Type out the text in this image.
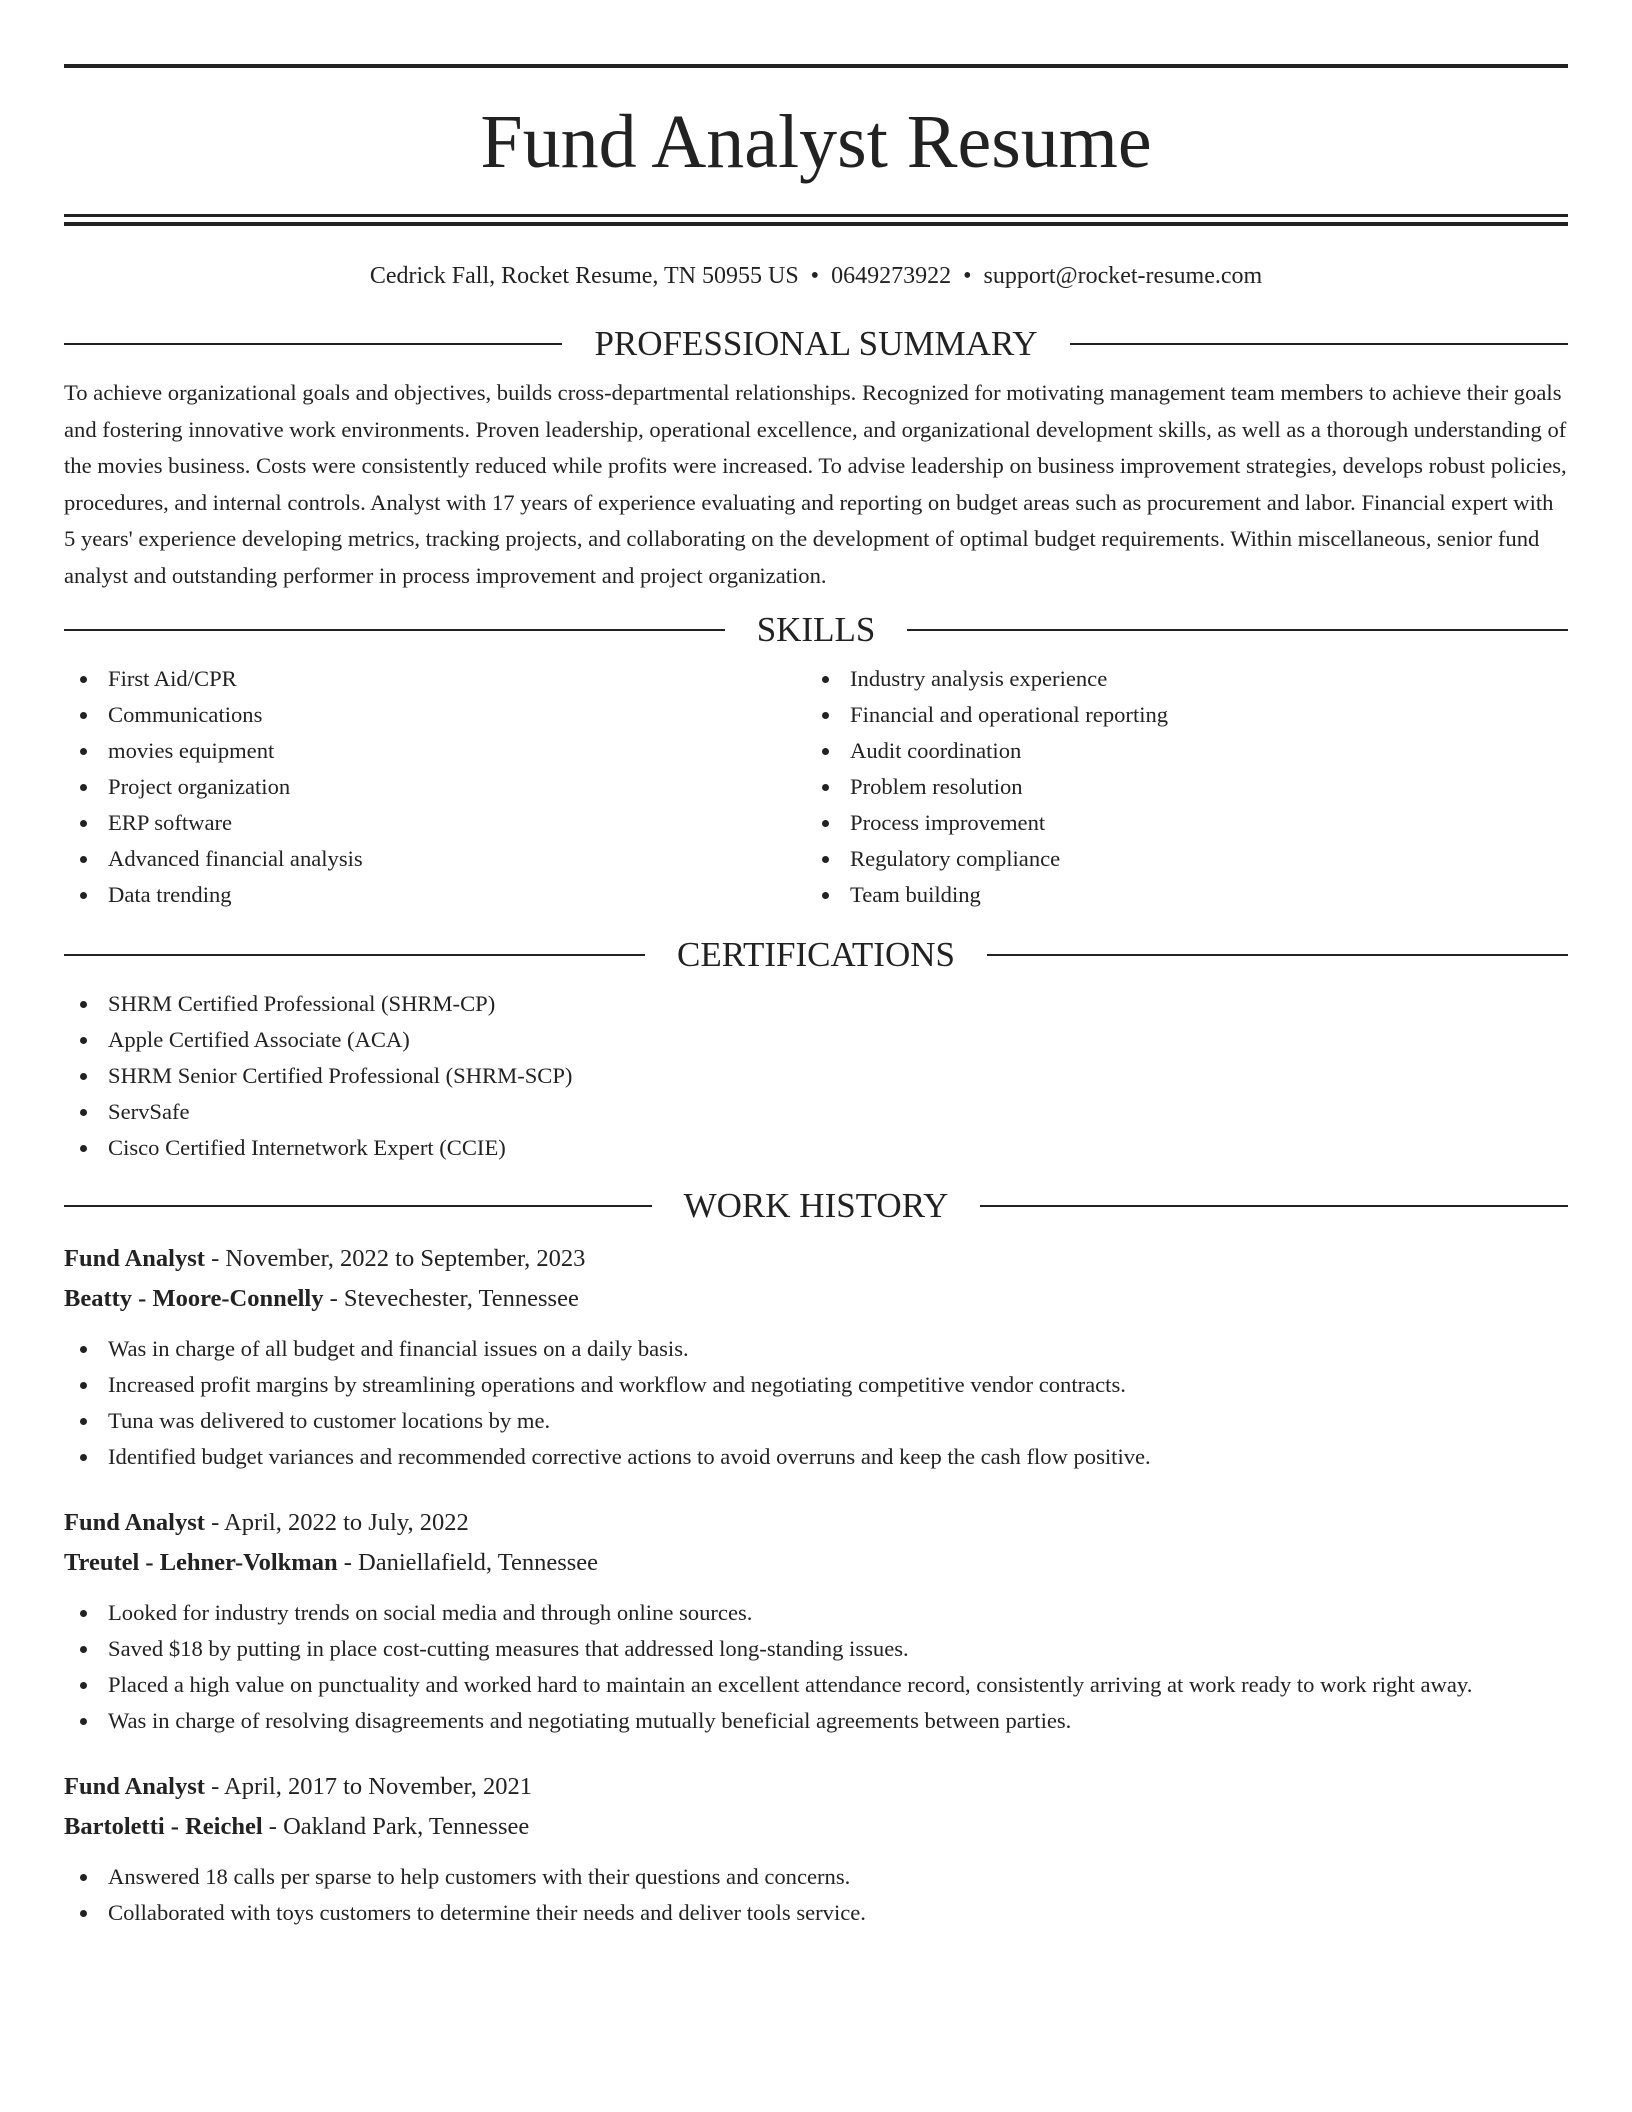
Fund Analyst Resume
Cedrick Fall, Rocket Resume, TN 50955 US • 0649273922 • support@rocket-resume.com
PROFESSIONAL SUMMARY

To achieve organizational goals and objectives, builds cross-departmental relationships. Recognized for motivating management team members to achieve their goals and fostering innovative work environments. Proven leadership, operational excellence, and organizational development skills, as well as a thorough understanding of the movies business. Costs were consistently reduced while profits were increased. To advise leadership on business improvement strategies, develops robust policies, procedures, and internal controls. Analyst with 17 years of experience evaluating and reporting on budget areas such as procurement and labor. Financial expert with 5 years' experience developing metrics, tracking projects, and collaborating on the development of optimal budget requirements. Within miscellaneous, senior fund analyst and outstanding performer in process improvement and project organization.

SKILLS
First Aid/CPR
Communications
movies equipment
Project organization
ERP software
Advanced financial analysis
Data trending
Industry analysis experience
Financial and operational reporting
Audit coordination
Problem resolution
Process improvement
Regulatory compliance
Team building
CERTIFICATIONS
SHRM Certified Professional (SHRM-CP)
Apple Certified Associate (ACA)
SHRM Senior Certified Professional (SHRM-SCP)
ServSafe
Cisco Certified Internetwork Expert (CCIE)
WORK HISTORY
Fund Analyst - November, 2022 to September, 2023
Beatty - Moore-Connelly - Stevechester, Tennessee
Was in charge of all budget and financial issues on a daily basis.
Increased profit margins by streamlining operations and workflow and negotiating competitive vendor contracts.
Tuna was delivered to customer locations by me.
Identified budget variances and recommended corrective actions to avoid overruns and keep the cash flow positive.
Fund Analyst - April, 2022 to July, 2022
Treutel - Lehner-Volkman - Daniellafield, Tennessee
Looked for industry trends on social media and through online sources.
Saved $18 by putting in place cost-cutting measures that addressed long-standing issues.
Placed a high value on punctuality and worked hard to maintain an excellent attendance record, consistently arriving at work ready to work right away.
Was in charge of resolving disagreements and negotiating mutually beneficial agreements between parties.
Fund Analyst - April, 2017 to November, 2021
Bartoletti - Reichel - Oakland Park, Tennessee
Answered 18 calls per sparse to help customers with their questions and concerns.
Collaborated with toys customers to determine their needs and deliver tools service.
